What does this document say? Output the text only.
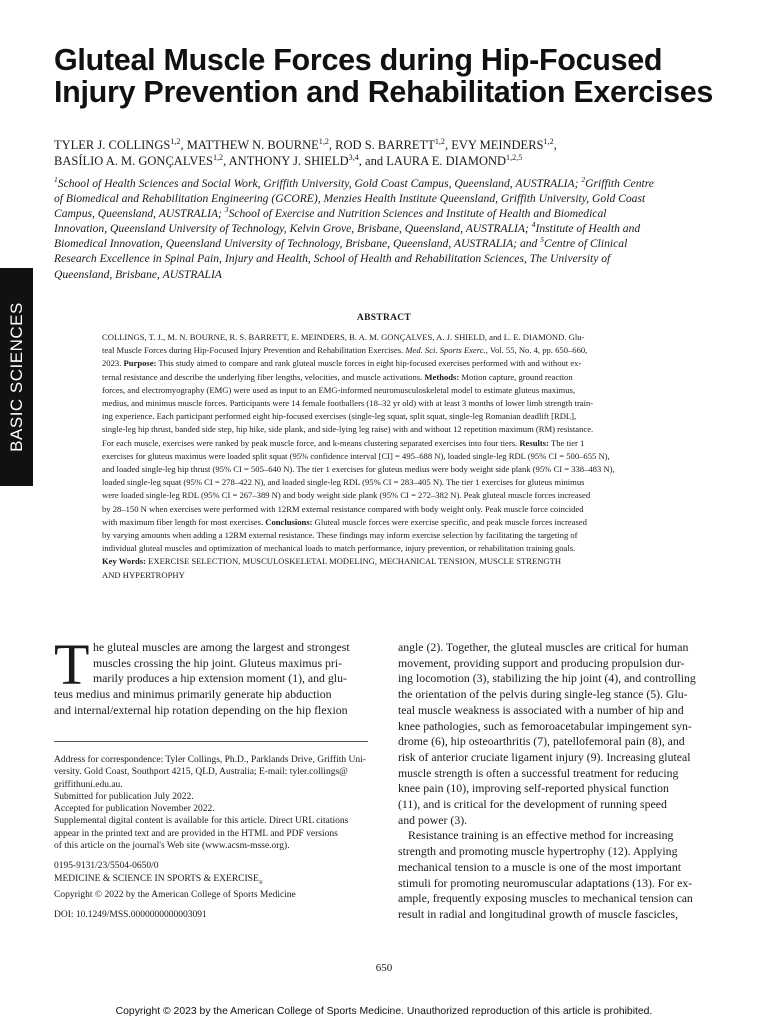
BASIC SCIENCES
Gluteal Muscle Forces during Hip-Focused
Injury Prevention and Rehabilitation Exercises
TYLER J. COLLINGS$^{1,2}$, MATTHEW N. BOURNE$^{1,2}$, ROD S. BARRETT$^{1,2}$, EVY MEINDERS$^{1,2}$,
BASÍLIO A. M. GONÇALVES$^{1,2}$, ANTHONY J. SHIELD$^{3,4}$, and LAURA E. DIAMOND$^{1,2,5}$
$^1$School of Health Sciences and Social Work, Griffith University, Gold Coast Campus, Queensland, AUSTRALIA; $^2$Griffith Centre
of Biomedical and Rehabilitation Engineering (GCORE), Menzies Health Institute Queensland, Griffith University, Gold Coast
Campus, Queensland, AUSTRALIA; $^3$School of Exercise and Nutrition Sciences and Institute of Health and Biomedical
Innovation, Queensland University of Technology, Kelvin Grove, Brisbane, Queensland, AUSTRALIA; $^4$Institute of Health and
Biomedical Innovation, Queensland University of Technology, Brisbane, Queensland, AUSTRALIA; and $^5$Centre of Clinical
Research Excellence in Spinal Pain, Injury and Health, School of Health and Rehabilitation Sciences, The University of
Queensland, Brisbane, AUSTRALIA
ABSTRACT
COLLINGS, T. J., M. N. BOURNE, R. S. BARRETT, E. MEINDERS, B. A. M. GONÇALVES, A. J. SHIELD, and L. E. DIAMOND. Glu-
teal Muscle Forces during Hip-Focused Injury Prevention and Rehabilitation Exercises. Med. Sci. Sports Exerc., Vol. 55, No. 4, pp. 650–660,
2023. Purpose: This study aimed to compare and rank gluteal muscle forces in eight hip-focused exercises performed with and without ex-
ternal resistance and describe the underlying fiber lengths, velocities, and muscle activations. Methods: Motion capture, ground reaction
forces, and electromyography (EMG) were used as input to an EMG-informed neuromusculoskeletal model to estimate gluteus maximus,
medius, and minimus muscle forces. Participants were 14 female footballers (18–32 yr old) with at least 3 months of lower limb strength train-
ing experience. Each participant performed eight hip-focused exercises (single-leg squat, split squat, single-leg Romanian deadlift [RDL],
single-leg hip thrust, banded side step, hip hike, side plank, and side-lying leg raise) with and without 12 repetition maximum (RM) resistance.
For each muscle, exercises were ranked by peak muscle force, and k-means clustering separated exercises into four tiers. Results: The tier 1
exercises for gluteus maximus were loaded split squat (95% confidence interval [CI] = 495–688 N), loaded single-leg RDL (95% CI = 500–655 N),
and loaded single-leg hip thrust (95% CI = 505–640 N). The tier 1 exercises for gluteus medius were body weight side plank (95% CI = 338–483 N),
loaded single-leg squat (95% CI = 278–422 N), and loaded single-leg RDL (95% CI = 283–405 N). The tier 1 exercises for gluteus minimus
were loaded single-leg RDL (95% CI = 267–389 N) and body weight side plank (95% CI = 272–382 N). Peak gluteal muscle forces increased
by 28–150 N when exercises were performed with 12RM external resistance compared with body weight only. Peak muscle force coincided
with maximum fiber length for most exercises. Conclusions: Gluteal muscle forces were exercise specific, and peak muscle forces increased
by varying amounts when adding a 12RM external resistance. These findings may inform exercise selection by facilitating the targeting of
individual gluteal muscles and optimization of mechanical loads to match performance, injury prevention, or rehabilitation training goals.
Key Words: EXERCISE SELECTION, MUSCULOSKELETAL MODELING, MECHANICAL TENSION, MUSCLE STRENGTH
AND HYPERTROPHY
T he gluteal muscles are among the largest and strongest
muscles crossing the hip joint. Gluteus maximus pri-
marily produces a hip extension moment (1), and glu-
teus medius and minimus primarily generate hip abduction
and internal/external hip rotation depending on the hip flexion
Address for correspondence: Tyler Collings, Ph.D., Parklands Drive, Griffith Uni-
versity. Gold Coast, Southport 4215, QLD, Australia; E-mail: tyler.collings@
griffithuni.edu.au.
Submitted for publication July 2022.
Accepted for publication November 2022.
Supplemental digital content is available for this article. Direct URL citations
appear in the printed text and are provided in the HTML and PDF versions
of this article on the journal's Web site (www.acsm-msse.org).
0195-9131/23/5504-0650/0
MEDICINE & SCIENCE IN SPORTS & $EXERCISE_®$
Copyright © 2022 by the American College of Sports Medicine
DOI: 10.1249/MSS.0000000000003091
angle (2). Together, the gluteal muscles are critical for human
movement, providing support and producing propulsion dur-
ing locomotion (3), stabilizing the hip joint (4), and controlling
the orientation of the pelvis during single-leg stance (5). Glu-
teal muscle weakness is associated with a number of hip and
knee pathologies, such as femoroacetabular impingement syn-
drome (6), hip osteoarthritis (7), patellofemoral pain (8), and
risk of anterior cruciate ligament injury (9). Increasing gluteal
muscle strength is often a successful treatment for reducing
knee pain (10), improving self-reported physical function
(11), and is critical for the development of running speed
and power (3).
Resistance training is an effective method for increasing
strength and promoting muscle hypertrophy (12). Applying
mechanical tension to a muscle is one of the most important
stimuli for promoting neuromuscular adaptations (13). For ex-
ample, frequently exposing muscles to mechanical tension can
result in radial and longitudinal growth of muscle fascicles,
650
Copyright © 2023 by the American College of Sports Medicine. Unauthorized reproduction of this article is prohibited.
